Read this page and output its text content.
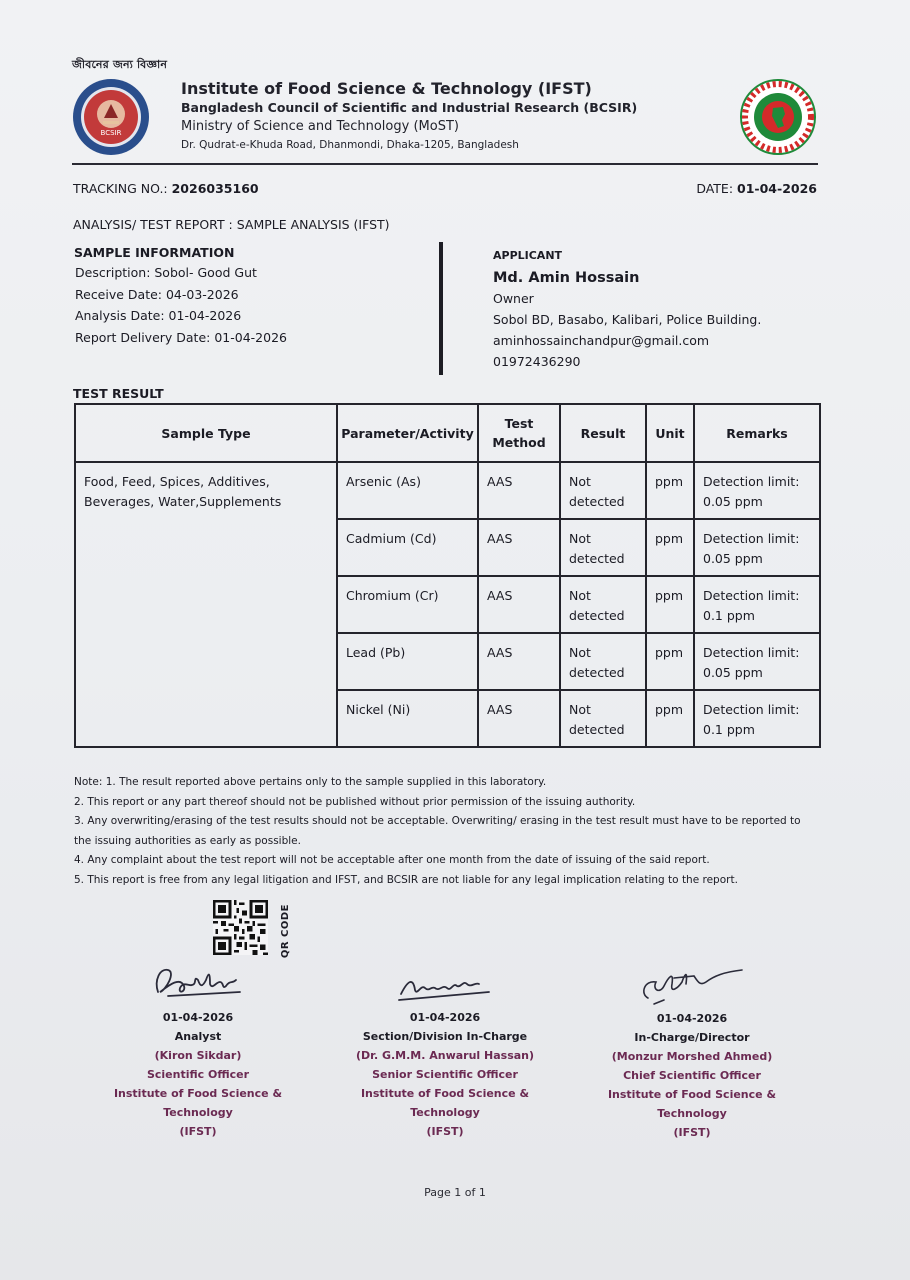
জীবনের জন্য বিজ্ঞান
BCSIR
Institute of Food Science & Technology (IFST)
Bangladesh Council of Scientific and Industrial Research (BCSIR)
Ministry of Science and Technology (MoST)
Dr. Qudrat-e-Khuda Road, Dhanmondi, Dhaka-1205, Bangladesh
TRACKING NO.: 2026035160	DATE: 01-04-2026
ANALYSIS/ TEST REPORT : SAMPLE ANALYSIS (IFST)
SAMPLE INFORMATION
Description: Sobol- Good Gut
Receive Date: 04-03-2026
Analysis Date: 01-04-2026
Report Delivery Date: 01-04-2026
APPLICANT
Md. Amin Hossain
Owner
Sobol BD, Basabo, Kalibari, Police Building.
aminhossainchandpur@gmail.com
01972436290
TEST RESULT
Sample Type	Parameter/Activity	Test Method	Result	Unit	Remarks
Food, Feed, Spices, Additives, Beverages, Water,Supplements	Arsenic (As)	AAS	Not detected	ppm	Detection limit: 0.05 ppm
	Cadmium (Cd)	AAS	Not detected	ppm	Detection limit: 0.05 ppm
	Chromium (Cr)	AAS	Not detected	ppm	Detection limit: 0.1 ppm
	Lead (Pb)	AAS	Not detected	ppm	Detection limit: 0.05 ppm
	Nickel (Ni)	AAS	Not detected	ppm	Detection limit: 0.1 ppm
Note: 1. The result reported above pertains only to the sample supplied in this laboratory.
2. This report or any part thereof should not be published without prior permission of the issuing authority.
3. Any overwriting/erasing of the test results should not be acceptable. Overwriting/ erasing in the test result must have to be reported to the issuing authorities as early as possible.
4. Any complaint about the test report will not be acceptable after one month from the date of issuing of the said report.
5. This report is free from any legal litigation and IFST, and BCSIR are not liable for any legal implication relating to the report.
QR CODE
01-04-2026
Analyst
(Kiron Sikdar)
Scientific Officer
Institute of Food Science & Technology
(IFST)
01-04-2026
Section/Division In-Charge
(Dr. G.M.M. Anwarul Hassan)
Senior Scientific Officer
Institute of Food Science & Technology
(IFST)
01-04-2026
In-Charge/Director
(Monzur Morshed Ahmed)
Chief Scientific Officer
Institute of Food Science & Technology
(IFST)
Page 1 of 1
